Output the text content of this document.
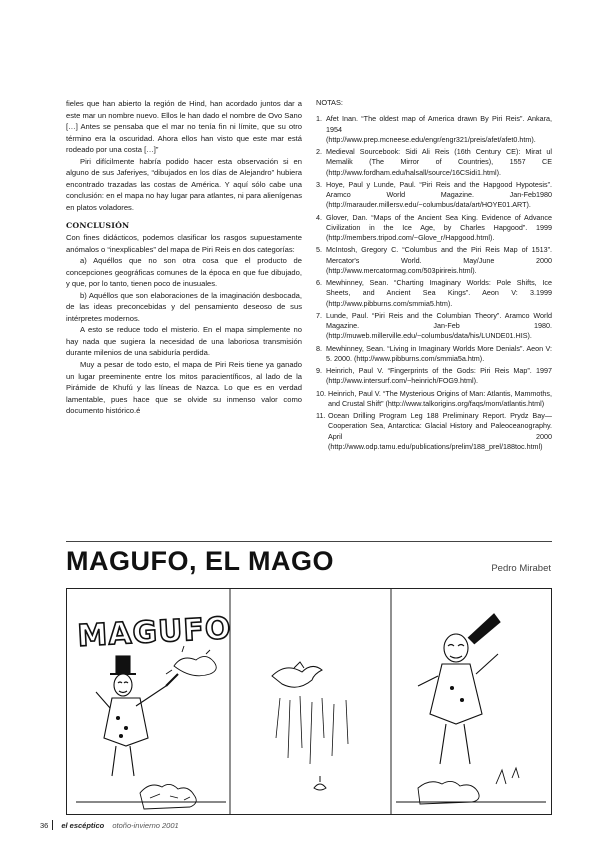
fieles que han abierto la región de Hind, han acordado juntos dar a este mar un nombre nuevo. Ellos le han dado el nombre de Ovo Sano […] Antes se pensaba que el mar no tenía fin ni límite, que su otro término era la oscuridad. Ahora ellos han visto que este mar está rodeado por una costa […]”

Piri difícilmente habría podido hacer esta observación si en alguno de sus Jaferiyes, “dibujados en los días de Alejandro” hubiera encontrado trazadas las costas de América. Y aquí sólo cabe una conclusión: en el mapa no hay lugar para atlantes, ni para alienígenas en platos voladores.

CONCLUSIÓN

Con fines didácticos, podemos clasificar los rasgos supuestamente anómalos o “inexplicables” del mapa de Piri Reis en dos categorías:

a) Aquéllos que no son otra cosa que el producto de concepciones geográficas comunes de la época en que fue dibujado, y que, por lo tanto, tienen poco de inusuales.

b) Aquéllos que son elaboraciones de la imaginación desbocada, de las ideas preconcebidas y del pensamiento deseoso de sus intérpretes modernos.

A esto se reduce todo el misterio. En el mapa simplemente no hay nada que sugiera la necesidad de una laboriosa transmisión durante milenios de una sabiduría perdida.

Muy a pesar de todo esto, el mapa de Piri Reis tiene ya ganado un lugar preeminente entre los mitos paracientíficos, al lado de la Pirámide de Khufú y las líneas de Nazca. Lo que es en verdad lamentable, pues hace que se olvide su inmenso valor como documento histórico.é

NOTAS:

1. Afet Inan. “The oldest map of America drawn By Piri Reis”. Ankara, 1954 (http://www.prep.mcneese.edu/engr/engr321/preis/afet/afet0.htm).
2. Medieval Sourcebook: Sidi Ali Reis (16th Century CE): Mirat ul Memalik (The Mirror of Countries), 1557 CE (http://www.fordham.edu/halsall/source/16CSidi1.html).
3. Hoye, Paul y Lunde, Paul. “Piri Reis and the Hapgood Hypotesis”. Aramco World Magazine. Jan-Feb1980 (http://marauder.millersv.edu/~columbus/data/art/HOYE01.ART).
4. Glover, Dan. “Maps of the Ancient Sea King. Evidence of Advance Civilization in the Ice Age, by Charles Hapgood”. 1999 (http://members.tripod.com/~Glove_r/Hapgood.html).
5. McIntosh, Gregory C. “Columbus and the Piri Reis Map of 1513”. Mercator's World. May/June 2000 (http://www.mercatormag.com/503pirireis.html).
6. Mewhinney, Sean. “Charting Imaginary Worlds: Pole Shifts, Ice Sheets, and Ancient Sea Kings”. Aeon V: 3.1999 (http://www.pibburns.com/smmia5.htm).
7. Lunde, Paul. “Piri Reis and the Columbian Theory”. Aramco World Magazine. Jan-Feb 1980. (http://muweb.millerville.edu/~columbus/data/his/LUNDE01.HIS).
8. Mewhinney, Sean. “Living in Imaginary Worlds More Denials”. Aeon V: 5. 2000. (http://www.pibburns.com/smmia5a.htm).
9. Heinrich, Paul V. “Fingerprints of the Gods: Piri Reis Map”. 1997 (http://www.intersurf.com/~heinrich/FOG9.html).
10. Heinrich, Paul V. “The Mysterious Origins of Man: Atlantis, Mammoths, and Crustal Shift” (http://www.talkorigins.org/faqs/mom/atlantis.html)
11. Ocean Drilling Program Leg 188 Preliminary Report. Prydz Bay—Cooperation Sea, Antarctica: Glacial History and Paleoceanography. April 2000 (http://www.odp.tamu.edu/publications/prelim/188_prel/188toc.html)
MAGUFO, EL MAGO	Pedro Mirabet
MAGUFO
36 el escéptico otoño-invierno 2001
